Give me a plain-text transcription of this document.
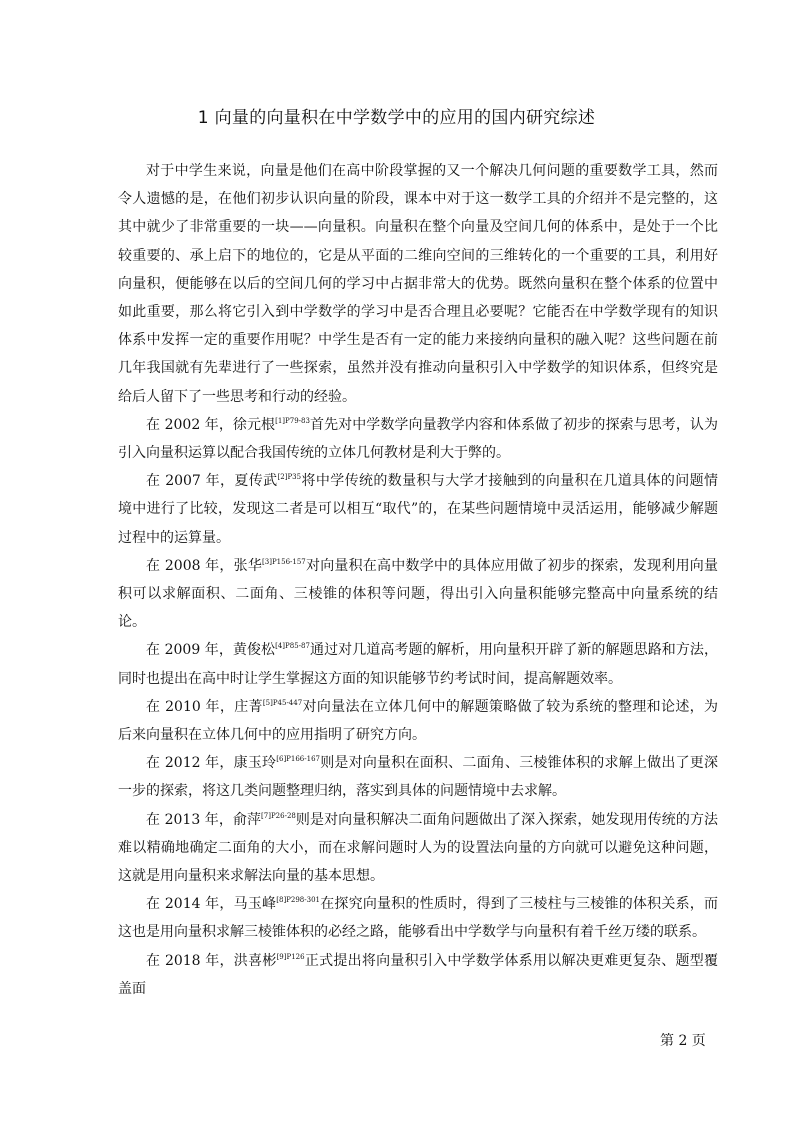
1 向量的向量积在中学数学中的应用的国内研究综述

对于中学生来说，向量是他们在高中阶段掌握的又一个解决几何问题的重要数学工具，然而令人遗憾的是，在他们初步认识向量的阶段，课本中对于这一数学工具的介绍并不是完整的，这其中就少了非常重要的一块——向量积。向量积在整个向量及空间几何的体系中，是处于一个比较重要的、承上启下的地位的，它是从平面的二维向空间的三维转化的一个重要的工具，利用好向量积，便能够在以后的空间几何的学习中占据非常大的优势。既然向量积在整个体系的位置中如此重要，那么将它引入到中学数学的学习中是否合理且必要呢？它能否在中学数学现有的知识体系中发挥一定的重要作用呢？中学生是否有一定的能力来接纳向量积的融入呢？这些问题在前几年我国就有先辈进行了一些探索，虽然并没有推动向量积引入中学数学的知识体系，但终究是给后人留下了一些思考和行动的经验。

在 2002 年，徐元根$^{[1]P79-83}$首先对中学数学向量教学内容和体系做了初步的探索与思考，认为引入向量积运算以配合我国传统的立体几何教材是利大于弊的。

在 2007 年，夏传武$^{[2]P35}$将中学传统的数量积与大学才接触到的向量积在几道具体的问题情境中进行了比较，发现这二者是可以相互“取代”的，在某些问题情境中灵活运用，能够减少解题过程中的运算量。

在 2008 年，张华$^{[3]P156-157}$对向量积在高中数学中的具体应用做了初步的探索，发现利用向量积可以求解面积、二面角、三棱锥的体积等问题，得出引入向量积能够完整高中向量系统的结论。

在 2009 年，黄俊松$^{[4]P85-87}$通过对几道高考题的解析，用向量积开辟了新的解题思路和方法，同时也提出在高中时让学生掌握这方面的知识能够节约考试时间，提高解题效率。

在 2010 年，庄菁$^{[5]P45-447}$对向量法在立体几何中的解题策略做了较为系统的整理和论述，为后来向量积在立体几何中的应用指明了研究方向。

在 2012 年，康玉玲$^{[6]P166-167}$则是对向量积在面积、二面角、三棱锥体积的求解上做出了更深一步的探索，将这几类问题整理归纳，落实到具体的问题情境中去求解。

在 2013 年，俞萍$^{[7]P26-28}$则是对向量积解决二面角问题做出了深入探索，她发现用传统的方法难以精确地确定二面角的大小，而在求解问题时人为的设置法向量的方向就可以避免这种问题，这就是用向量积来求解法向量的基本思想。

在 2014 年，马玉峰$^{[8]P298-301}$在探究向量积的性质时，得到了三棱柱与三棱锥的体积关系，而这也是用向量积求解三棱锥体积的必经之路，能够看出中学数学与向量积有着千丝万缕的联系。

在 2018 年，洪喜彬$^{[9]P126}$正式提出将向量积引入中学数学体系用以解决更难更复杂、题型覆盖面

第 2 页
